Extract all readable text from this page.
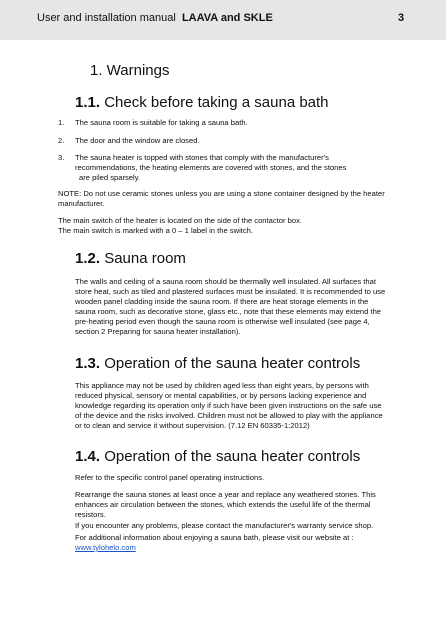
User and installation manual LAAVA and SKLE	3
1. Warnings
1.1. Check before taking a sauna bath
1. The sauna room is suitable for taking a sauna bath.
2. The door and the window are closed.
3. The sauna heater is topped with stones that comply with the manufacturer's
recommendations, the heating elements are covered with stones, and the stones
are piled sparsely.
NOTE: Do not use ceramic stones unless you are using a stone container designed by the heater
manufacturer.
The main switch of the heater is located on the side of the contactor box.
The main switch is marked with a 0 – 1 label in the switch.
1.2. Sauna room
The walls and ceiling of a sauna room should be thermally well insulated. All surfaces that
store heat, such as tiled and plastered surfaces must be insulated. It is recommended to use
wooden panel cladding inside the sauna room. If there are heat storage elements in the
sauna room, such as decorative stone, glass etc., note that these elements may extend the
pre-heating period even though the sauna room is otherwise well insulated (see page 4,
section 2 Preparing for sauna heater installation).
1.3. Operation of the sauna heater controls
This appliance may not be used by children aged less than eight years, by persons with
reduced physical, sensory or mental capabilities, or by persons lacking experience and
knowledge regarding its operation only if such have been given instructions on the safe use
of the device and the risks involved. Children must not be allowed to play with the appliance
or to clean and service it without supervision. (7.12 EN 60335-1:2012)
1.4. Operation of the sauna heater controls
Refer to the specific control panel operating instructions.
Rearrange the sauna stones at least once a year and replace any weathered stones. This
enhances air circulation between the stones, which extends the useful life of the thermal
resistors.
If you encounter any problems, please contact the manufacturer's warranty service shop.
For additional information about enjoying a sauna bath, please visit our website at :
www.tylohelo.com
